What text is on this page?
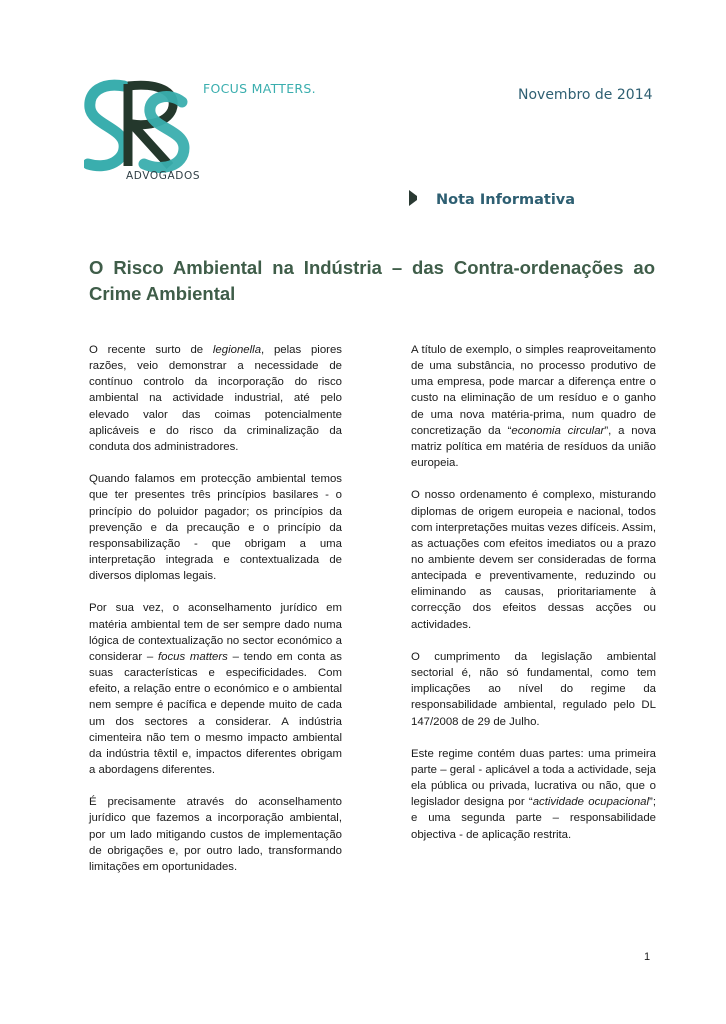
FOCUS MATTERS.
ADVOGADOS
Novembro de 2014
Nota Informativa
O Risco Ambiental na Indústria – das Contra-ordenações ao Crime Ambiental

O recente surto de legionella, pelas piores razões, veio demonstrar a necessidade de contínuo controlo da incorporação do risco ambiental na actividade industrial, até pelo elevado valor das coimas potencialmente aplicáveis e do risco da criminalização da conduta dos administradores.

Quando falamos em protecção ambiental temos que ter presentes três princípios basilares - o princípio do poluidor pagador; os princípios da prevenção e da precaução e o princípio da responsabilização - que obrigam a uma interpretação integrada e contextualizada de diversos diplomas legais.

Por sua vez, o aconselhamento jurídico em matéria ambiental tem de ser sempre dado numa lógica de contextualização no sector económico a considerar – focus matters – tendo em conta as suas características e especificidades. Com efeito, a relação entre o económico e o ambiental nem sempre é pacífica e depende muito de cada um dos sectores a considerar. A indústria cimenteira não tem o mesmo impacto ambiental da indústria têxtil e, impactos diferentes obrigam a abordagens diferentes.

É precisamente através do aconselhamento jurídico que fazemos a incorporação ambiental, por um lado mitigando custos de implementação de obrigações e, por outro lado, transformando limitações em oportunidades.

A título de exemplo, o simples reaproveitamento de uma substância, no processo produtivo de uma empresa, pode marcar a diferença entre o custo na eliminação de um resíduo e o ganho de uma nova matéria-prima, num quadro de concretização da “economia circular”, a nova matriz política em matéria de resíduos da união europeia.

O nosso ordenamento é complexo, misturando diplomas de origem europeia e nacional, todos com interpretações muitas vezes difíceis. Assim, as actuações com efeitos imediatos ou a prazo no ambiente devem ser consideradas de forma antecipada e preventivamente, reduzindo ou eliminando as causas, prioritariamente à correcção dos efeitos dessas acções ou actividades.

O cumprimento da legislação ambiental sectorial é, não só fundamental, como tem implicações ao nível do regime da responsabilidade ambiental, regulado pelo DL 147/2008 de 29 de Julho.

Este regime contém duas partes: uma primeira parte – geral - aplicável a toda a actividade, seja ela pública ou privada, lucrativa ou não, que o legislador designa por “actividade ocupacional”; e uma segunda parte – responsabilidade objectiva - de aplicação restrita.

1
